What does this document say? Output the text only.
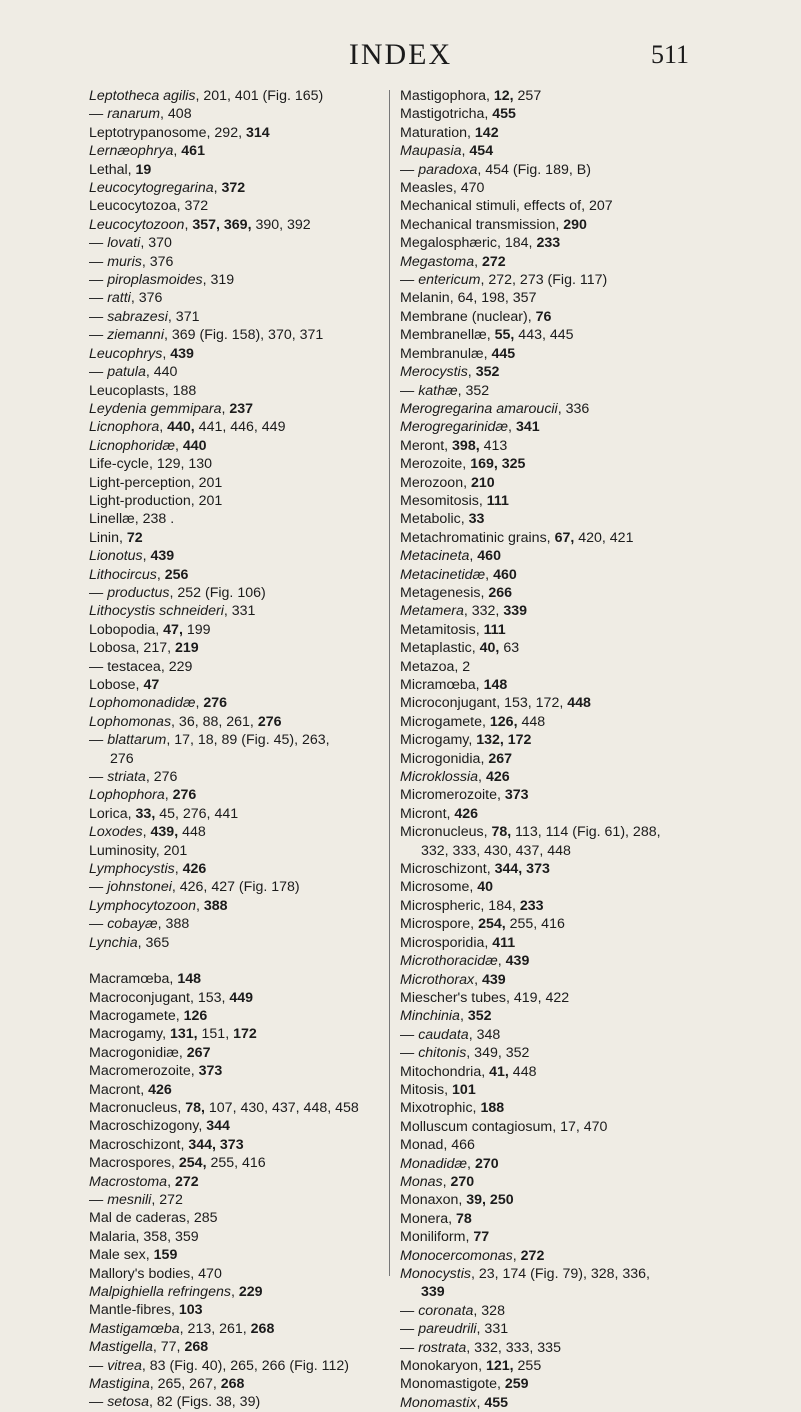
INDEX	511
Leptotheca agilis, 201, 401 (Fig. 165)
— ranarum, 408
Leptotrypanosome, 292, 314
Lernæophrya, 461
Lethal, 19
Leucocytogregarina, 372
Leucocytozoa, 372
Leucocytozoon, 357, 369, 390, 392
— lovati, 370
— muris, 376
— piroplasmoides, 319
— ratti, 376
— sabrazesi, 371
— ziemanni, 369 (Fig. 158), 370, 371
Leucophrys, 439
— patula, 440
Leucoplasts, 188
Leydenia gemmipara, 237
Licnophora, 440, 441, 446, 449
Licnophoridæ, 440
Life-cycle, 129, 130
Light-perception, 201
Light-production, 201
Linellæ, 238 .
Linin, 72
Lionotus, 439
Lithocircus, 256
— productus, 252 (Fig. 106)
Lithocystis schneideri, 331
Lobopodia, 47, 199
Lobosa, 217, 219
— testacea, 229
Lobose, 47
Lophomonadidæ, 276
Lophomonas, 36, 88, 261, 276
— blattarum, 17, 18, 89 (Fig. 45), 263,
276
— striata, 276
Lophophora, 276
Lorica, 33, 45, 276, 441
Loxodes, 439, 448
Luminosity, 201
Lymphocystis, 426
— johnstonei, 426, 427 (Fig. 178)
Lymphocytozoon, 388
— cobayæ, 388
Lynchia, 365
Macramœba, 148
Macroconjugant, 153, 449
Macrogamete, 126
Macrogamy, 131, 151, 172
Macrogonidiæ, 267
Macromerozoite, 373
Macront, 426
Macronucleus, 78, 107, 430, 437, 448, 458
Macroschizogony, 344
Macroschizont, 344, 373
Macrospores, 254, 255, 416
Macrostoma, 272
— mesnili, 272
Mal de caderas, 285
Malaria, 358, 359
Male sex, 159
Mallory's bodies, 470
Malpighiella refringens, 229
Mantle-fibres, 103
Mastigamœba, 213, 261, 268
Mastigella, 77, 268
— vitrea, 83 (Fig. 40), 265, 266 (Fig. 112)
Mastigina, 265, 267, 268
— setosa, 82 (Figs. 38, 39)
Mastigophora, 12, 257
Mastigotricha, 455
Maturation, 142
Maupasia, 454
— paradoxa, 454 (Fig. 189, B)
Measles, 470
Mechanical stimuli, effects of, 207
Mechanical transmission, 290
Megalosphæric, 184, 233
Megastoma, 272
— entericum, 272, 273 (Fig. 117)
Melanin, 64, 198, 357
Membrane (nuclear), 76
Membranellæ, 55, 443, 445
Membranulæ, 445
Merocystis, 352
— kathæ, 352
Merogregarina amaroucii, 336
Merogregarinidæ, 341
Meront, 398, 413
Merozoite, 169, 325
Merozoon, 210
Mesomitosis, 111
Metabolic, 33
Metachromatinic grains, 67, 420, 421
Metacineta, 460
Metacinetidæ, 460
Metagenesis, 266
Metamera, 332, 339
Metamitosis, 111
Metaplastic, 40, 63
Metazoa, 2
Micramœba, 148
Microconjugant, 153, 172, 448
Microgamete, 126, 448
Microgamy, 132, 172
Microgonidia, 267
Microklossia, 426
Micromerozoite, 373
Micront, 426
Micronucleus, 78, 113, 114 (Fig. 61), 288,
332, 333, 430, 437, 448
Microschizont, 344, 373
Microsome, 40
Microspheric, 184, 233
Microspore, 254, 255, 416
Microsporidia, 411
Microthoracidæ, 439
Microthorax, 439
Miescher's tubes, 419, 422
Minchinia, 352
— caudata, 348
— chitonis, 349, 352
Mitochondria, 41, 448
Mitosis, 101
Mixotrophic, 188
Molluscum contagiosum, 17, 470
Monad, 466
Monadidæ, 270
Monas, 270
Monaxon, 39, 250
Monera, 78
Moniliform, 77
Monocercomonas, 272
Monocystis, 23, 174 (Fig. 79), 328, 336,
339
— coronata, 328
— pareudrili, 331
— rostrata, 332, 333, 335
Monokaryon, 121, 255
Monomastigote, 259
Monomastix, 455
